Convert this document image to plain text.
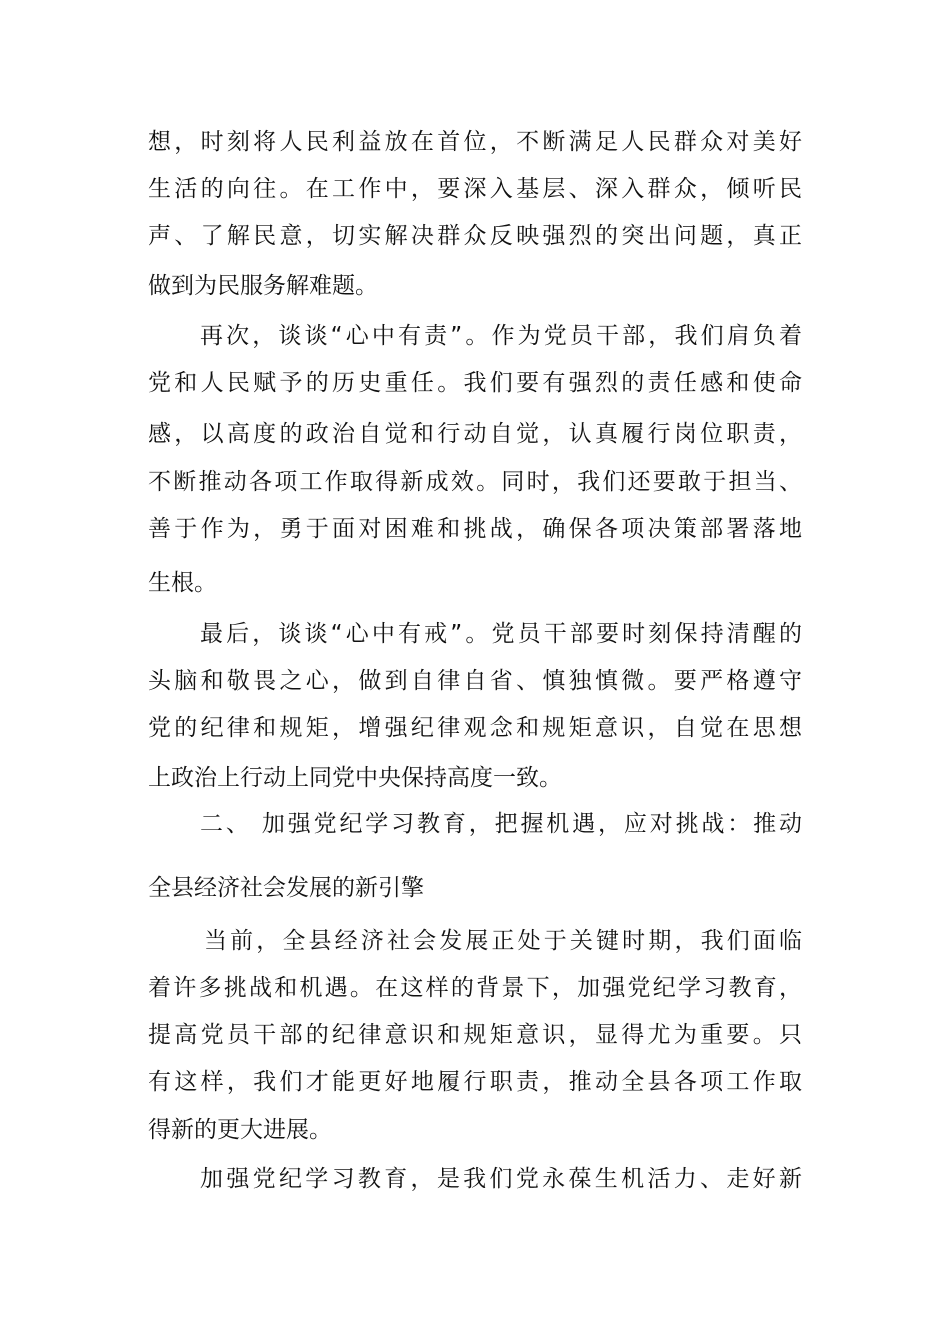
想，时刻将人民利益放在首位，不断满足人民群众对美好
生活的向往。在工作中，要深入基层、深入群众，倾听民
声、了解民意，切实解决群众反映强烈的突出问题，真正
做到为民服务解难题。
再次，谈谈“心中有责”。作为党员干部，我们肩负着
党和人民赋予的历史重任。我们要有强烈的责任感和使命
感，以高度的政治自觉和行动自觉，认真履行岗位职责，
不断推动各项工作取得新成效。同时，我们还要敢于担当、
善于作为，勇于面对困难和挑战，确保各项决策部署落地
生根。
最后，谈谈“心中有戒”。党员干部要时刻保持清醒的
头脑和敬畏之心，做到自律自省、慎独慎微。要严格遵守
党的纪律和规矩，增强纪律观念和规矩意识，自觉在思想
上政治上行动上同党中央保持高度一致。
二、 加强党纪学习教育，把握机遇，应对挑战：推动
全县经济社会发展的新引擎
当前，全县经济社会发展正处于关键时期，我们面临
着许多挑战和机遇。在这样的背景下，加强党纪学习教育，
提高党员干部的纪律意识和规矩意识，显得尤为重要。只
有这样，我们才能更好地履行职责，推动全县各项工作取
得新的更大进展。
加强党纪学习教育，是我们党永葆生机活力、走好新
